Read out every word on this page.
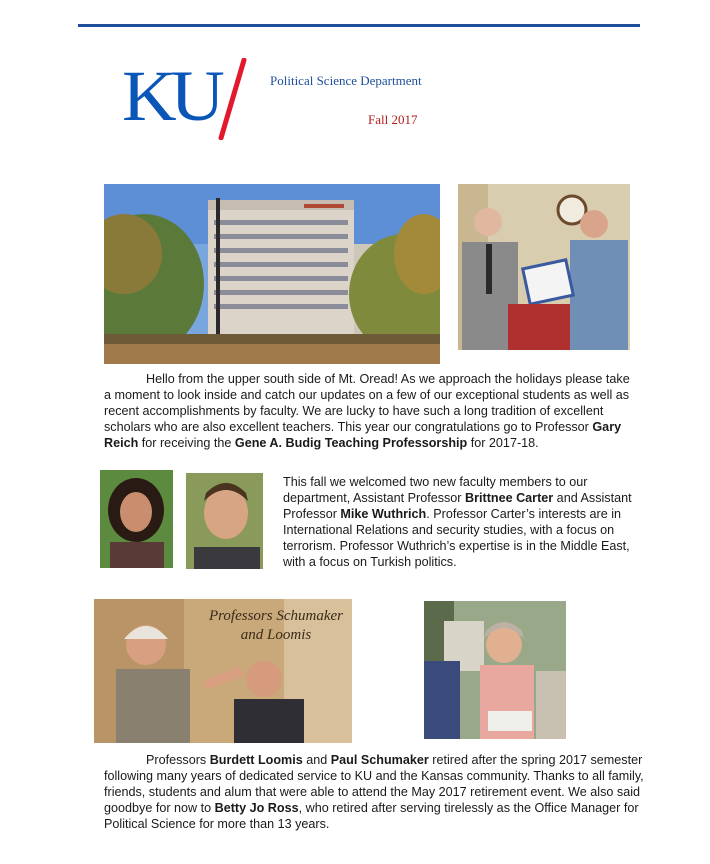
KU	Political Science Department
Fall 2017

Hello from the upper south side of Mt. Oread! As we approach the holidays please take a moment to look inside and catch our updates on a few of our exceptional students as well as recent accomplishments by faculty. We are lucky to have such a long tradition of excellent scholars who are also excellent teachers. This year our congratulations go to Professor Gary Reich for receiving the Gene A. Budig Teaching Professorship for 2017-18.

This fall we welcomed two new faculty members to our department, Assistant Professor Brittnee Carter and Assistant Professor Mike Wuthrich. Professor Carter’s interests are in International Relations and security studies, with a focus on terrorism. Professor Wuthrich’s expertise is in the Middle East, with a focus on Turkish politics.

Professors Schumaker and Loomis

Professors Burdett Loomis and Paul Schumaker retired after the spring 2017 semester following many years of dedicated service to KU and the Kansas community. Thanks to all family, friends, students and alum that were able to attend the May 2017 retirement event. We also said goodbye for now to Betty Jo Ross, who retired after serving tirelessly as the Office Manager for Political Science for more than 13 years.
